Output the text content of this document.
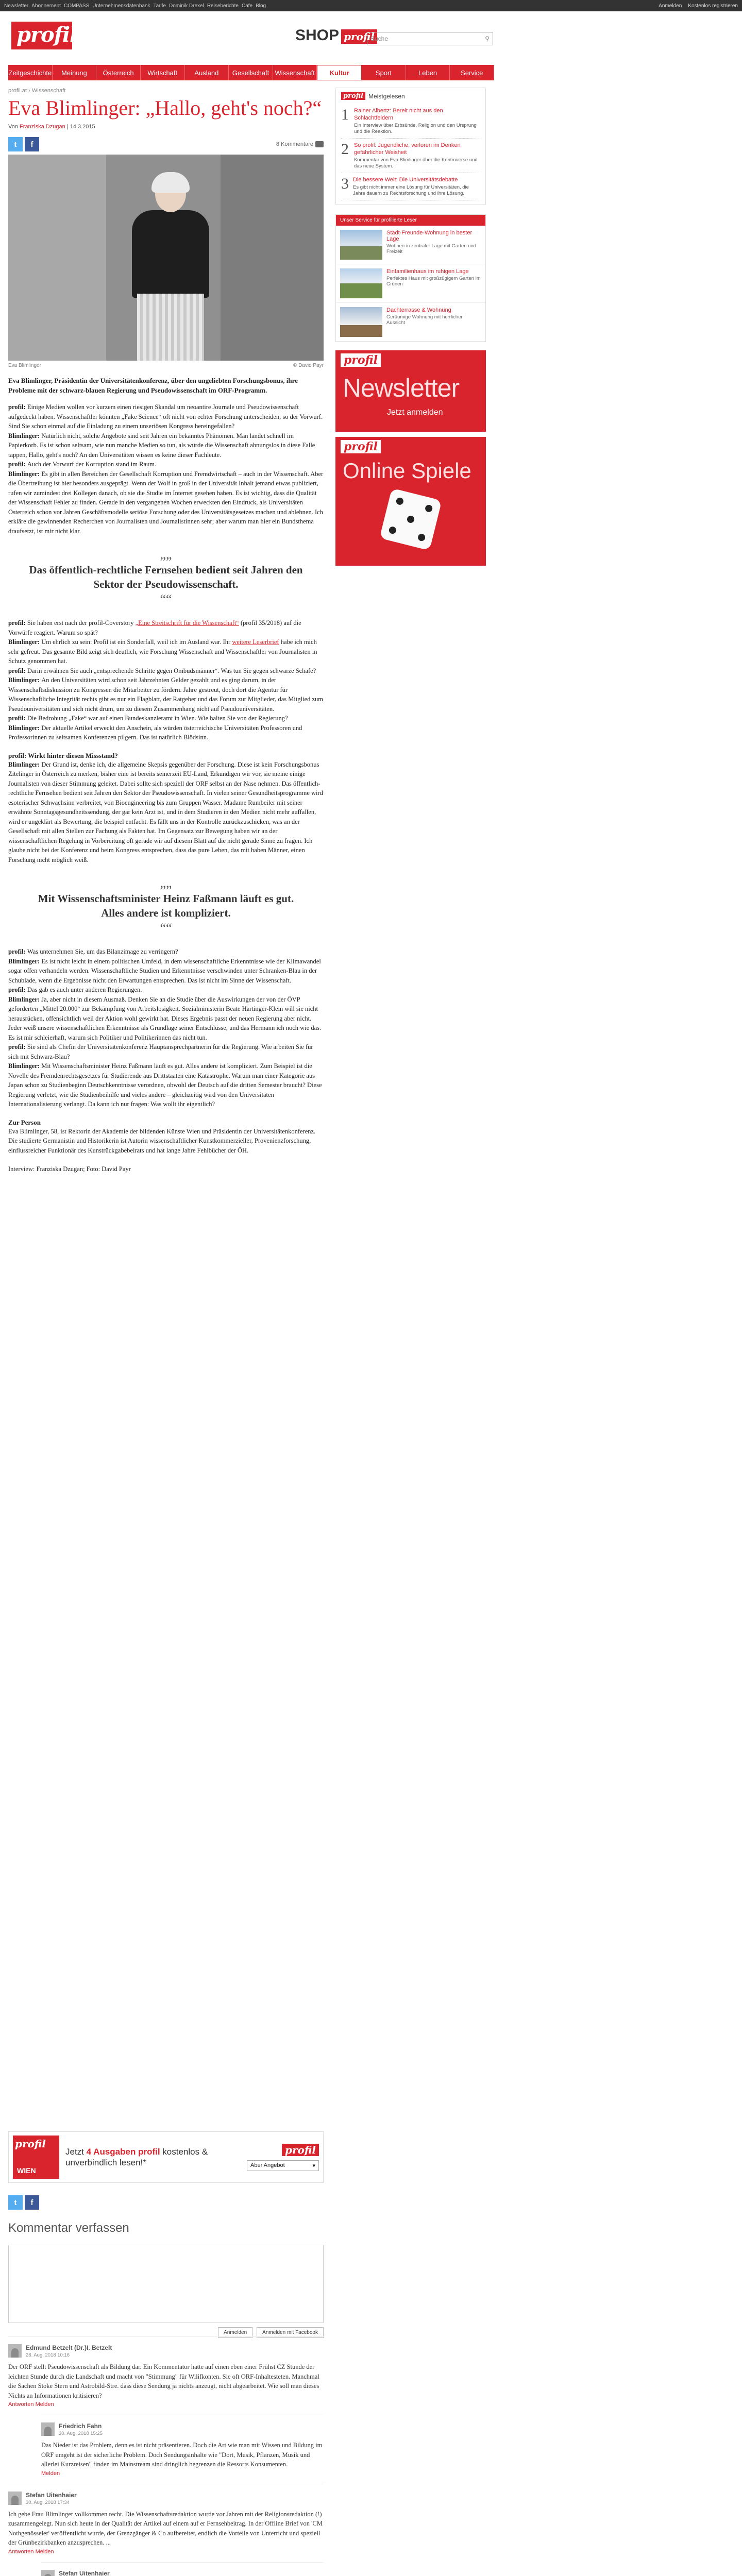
Newsletter Abonnement COMPASS Unternehmensdatenbank Tarife Dominik Drexel Reiseberichte Cafe Blog	Anmelden Kostenlos registrieren
profil	SHOP profil
Suche	⚲
Zeitgeschichte	Meinung	Österreich	Wirtschaft	Ausland	Gesellschaft Wissenschaft	Kultur	Sport	Leben	Service
profil.at › Wissenschaft
Eva Blimlinger: „Hallo, geht's noch?“
Von Franziska Dzugan | 14.3.2015
t f	8 Kommentare
Eva Blimlinger	© David Payr

Eva Blimlinger, Präsidentin der Universitätenkonferenz, über den ungeliebten Forschungsbonus, ihre Probleme mit der schwarz-blauen Regierung und Pseudowissenschaft im ORF-Programm.

profil: Einige Medien wollen vor kurzem einen riesigen Skandal um neoantire Journale und Pseudowissenschaft aufgedeckt haben. Wissenschaftler könnten „Fake Science“ oft nicht von echter Forschung unterscheiden, so der Vorwurf. Sind Sie schon einmal auf die Einladung zu einem unseriösen Kongress hereingefallen?

Blimlinger: Natürlich nicht, solche Angebote sind seit Jahren ein bekanntes Phänomen. Man landet schnell im Papierkorb. Es ist schon seltsam, wie nun manche Medien so tun, als würde die Wissenschaft ahnungslos in diese Falle tappen, Hallo, geht's noch? An den Universitäten wissen es keine dieser Fachleute.

profil: Auch der Vorwurf der Korruption stand im Raum.

Blimlinger: Es gibt in allen Bereichen der Gesellschaft Korruption und Fremdwirtschaft – auch in der Wissenschaft. Aber die Übertreibung ist hier besonders ausgeprägt. Wenn der Wolf in groß in der Universität Inhalt jemand etwas publiziert, rufen wir zumindest drei Kollegen danach, ob sie die Studie im Internet gesehen haben. Es ist wichtig, dass die Qualität der Wissenschaft Fehler zu finden. Gerade in den vergangenen Wochen erweckten den Eindruck, als Universitäten Österreich schon vor Jahren Geschäftsmodelle seriöse Forschung oder des Universitätsgesetzes machen und ablehnen. Ich erkläre die gewinnenden Recherchen von Journalisten und Journalistinnen sehr; aber warum man hier ein Bundsthema draufsetzt, ist mir nicht klar.

„„

Das öffentlich-rechtliche Fernsehen bedient seit Jahren den Sektor der Pseudowissenschaft.

““

profil: Sie haben erst nach der profil-Coverstory „Eine Streitschrift für die Wissenschaft“ (profil 35/2018) auf die Vorwürfe reagiert. Warum so spät?

Blimlinger: Um ehrlich zu sein: Profil ist ein Sonderfall, weil ich im Ausland war. Ihr weitere Leserbrief habe ich mich sehr gefreut. Das gesamte Bild zeigt sich deutlich, wie Forschung Wissenschaft und Wissenschaftler von Journalisten in Schutz genommen hat.

profil: Darin erwähnen Sie auch „entsprechende Schritte gegen Ombudsmänner“. Was tun Sie gegen schwarze Schafe?

Blimlinger: An den Universitäten wird schon seit Jahrzehnten Gelder gezahlt und es ging darum, in der Wissenschaftsdiskussion zu Kongressen die Mitarbeiter zu fördern. Jahre gestreut, doch dort die Agentur für Wissenschaftliche Integrität rechts gibt es nur ein Flagblatt, der Ratgeber und das Forum zur Mitglieder, das Mitglied zum Pseudouniversitäten und sich nicht drum, um zu diesem Zusammenhang nicht auf Pseudouniversitäten.

profil: Die Bedrohung „Fake“ war auf einen Bundeskanzleramt in Wien. Wie halten Sie von der Regierung?

Blimlinger: Der aktuelle Artikel erweckt den Anschein, als würden österreichische Universitäten Professoren und Professorinnen zu seltsamen Konferenzen pilgern. Das ist natürlich Blödsinn.

profil: Wirkt hinter diesen Missstand?

Blimlinger: Der Grund ist, denke ich, die allgemeine Skepsis gegenüber der Forschung. Diese ist kein Forschungsbonus Zitelinger in Österreich zu merken, bisher eine ist bereits seinerzeit EU-Land, Erkundigen wir vor, sie meine einige Journalisten von dieser Stimmung geleitet. Dabei sollte sich speziell der ORF selbst an der Nase nehmen. Das öffentlich-rechtliche Fernsehen bedient seit Jahren den Sektor der Pseudowissenschaft. In vielen seiner Gesundheitsprogramme wird esoterischer Schwachsinn verbreitet, von Bioengineering bis zum Gruppen Wasser. Madame Rumbeiler mit seiner erwähnte Sonntagsgesundheitssendung, der gar kein Arzt ist, und in dem Studieren in den Medien nicht mehr auffallen, wird er ungeklärt als Bewertung, die beispiel entfacht. Es fällt uns in der Kontrolle zurückzuschicken, was an der Gesellschaft mit allen Stellen zur Fachung als Fakten hat. Im Gegensatz zur Bewegung haben wir an der wissenschaftlichen Regelung in Vorbereitung oft gerade wir auf diesem Blatt auf die nicht gerade Sinne zu fragen. Ich glaube nicht bei der Konferenz und beim Kongress entsprechen, dass das pure Leben, das mit haben Männer, einen Forschung nicht möglich weiß.

„„

Mit Wissenschaftsminister Heinz Faßmann läuft es gut. Alles andere ist kompliziert.

““

profil: Was unternehmen Sie, um das Bilanzimage zu verringern?

Blimlinger: Es ist nicht leicht in einem politischen Umfeld, in dem wissenschaftliche Erkenntnisse wie der Klimawandel sogar offen verhandeln werden. Wissenschaftliche Studien und Erkenntnisse verschwinden unter Schranken-Blau in der Schublade, wenn die Ergebnisse nicht den Erwartungen entsprechen. Das ist nicht im Sinne der Wissenschaft.

profil: Das gab es auch unter anderen Regierungen.

Blimlinger: Ja, aber nicht in diesem Ausmaß. Denken Sie an die Studie über die Auswirkungen der von der ÖVP geforderten „Mittel 20.000“ zur Bekämpfung von Arbeitslosigkeit. Sozialministerin Beate Hartinger-Klein will sie nicht herausrücken, offensichtlich weil der Aktion wohl gewirkt hat. Dieses Ergebnis passt der neuen Regierung aber nicht. Jeder weiß unsere wissenschaftlichen Erkenntnisse als Grundlage seiner Entschlüsse, und das Hermann ich noch wie das. Es ist mir schleierhaft, warum sich Politiker und Politikerinnen das nicht tun.

profil: Sie sind als Chefin der Universitätenkonferenz Hauptansprechpartnerin für die Regierung. Wie arbeiten Sie für sich mit Schwarz-Blau?

Blimlinger: Mit Wissenschaftsminister Heinz Faßmann läuft es gut. Alles andere ist kompliziert. Zum Beispiel ist die Novelle des Fremdenrechtsgesetzes für Studierende aus Drittstaaten eine Katastrophe. Warum man einer Kategorie aus Japan schon zu Studienbeginn Deutschkenntnisse verordnen, obwohl der Deutsch auf die dritten Semester braucht? Diese Regierung verletzt, wie die Studienbeihilfe und vieles andere – gleichzeitig wird von den Universitäten Internationalisierung verlangt. Da kann ich nur fragen: Was wollt ihr eigentlich?

Zur Person

Eva Blimlinger, 58, ist Rektorin der Akademie der bildenden Künste Wien und Präsidentin der Universitätenkonferenz. Die studierte Germanistin und Historikerin ist Autorin wissenschaftlicher Kunstkommerzieller, Provenienzforschung, einflussreicher Funktionär des Kunstrückgabebeirats und hat lange Jahre Fehlbücher der ÖH.

Interview: Franziska Dzugan; Foto: David Payr

profil Meistgelesen
1 Rainer Albertz: Bereit nicht aus den Schlachtfeldern
Ein Interview über Erbsünde, Religion und den Ursprung und die Reaktion.
2 So profil: Jugendliche, verloren im Denken gefährlicher Weisheit
Kommentar von Eva Blimlinger über die Kontroverse und das neue System.
3 Die bessere Welt: Die Universitätsdebatte
Es gibt nicht immer eine Lösung für Universitäten, die Jahre dauern zu Rechtsforschung und ihre Lösung.
Unser Service für profilierte Leser
Städt-Freunde-Wohnung in bester Lage
Wohnen in zentraler Lage mit Garten und Freizeit
Einfamilienhaus im ruhigen Lage
Perfektes Haus mit großzügigem Garten im Grünen
Dachterrasse & Wohnung
Geräumige Wohnung mit herrlicher Aussicht
profil
Newsletter
Jetzt anmelden
profil
Online Spiele
profil
WIEN
Jetzt 4 Ausgaben profil kostenlos & unverbindlich lesen!*
profil
Aber Angebot	▾
t f
Kommentar verfassen
Anmelden	Anmelden mit Facebook
Edmund Betzelt (Dr.)I. Betzelt
28. Aug. 2018 10:16
Der ORF stellt Pseudowissenschaft als Bildung dar. Ein Kommentator hatte auf einen eben einer Frühst CZ Stunde der leichten Stunde durch die Landschaft und macht von "Stimmung" für Wilifkonten. Sie oft ORF-Inhaltesteten. Manchmal die Sachen Stoke Stern und Astrobild-Stre. dass diese Sendung ja nichts anzeugt, nicht abgearbeitet. Wie soll man dieses Nichts an Informationen kritisieren?
Antworten Melden
Friedrich Fahn
30. Aug. 2018 15:25
Das Nieder ist das Problem, denn es ist nicht präsentieren. Doch die Art wie man mit Wissen und Bildung im ORF umgeht ist der sicherliche Problem. Doch Sendungsinhalte wie "Dort, Musik, Pflanzen, Musik und allerlei Kurzreisen" finden im Mainstream sind dringlich begrenzen die Ressorts Konsumenten.
Melden
Stefan Uitenhaier
30. Aug. 2018 17:34
Ich gebe Frau Blimlinger vollkommen recht. Die Wissenschaftsredaktion wurde vor Jahren mit der Religionsredaktion (!) zusammengelegt. Nun sich heute in der Qualität der Artikel auf einem auf er Fernsehbeitrag. In der Offline Brief von 'CM Nothgenösseler' veröffentlicht wurde, der Grenzgänger & Co aufbereitet, endlich die Vorteile von Unterricht und speziell der Grünbezirkbanken anzusprechen. ...
Antworten Melden
Stefan Uitenhaier
